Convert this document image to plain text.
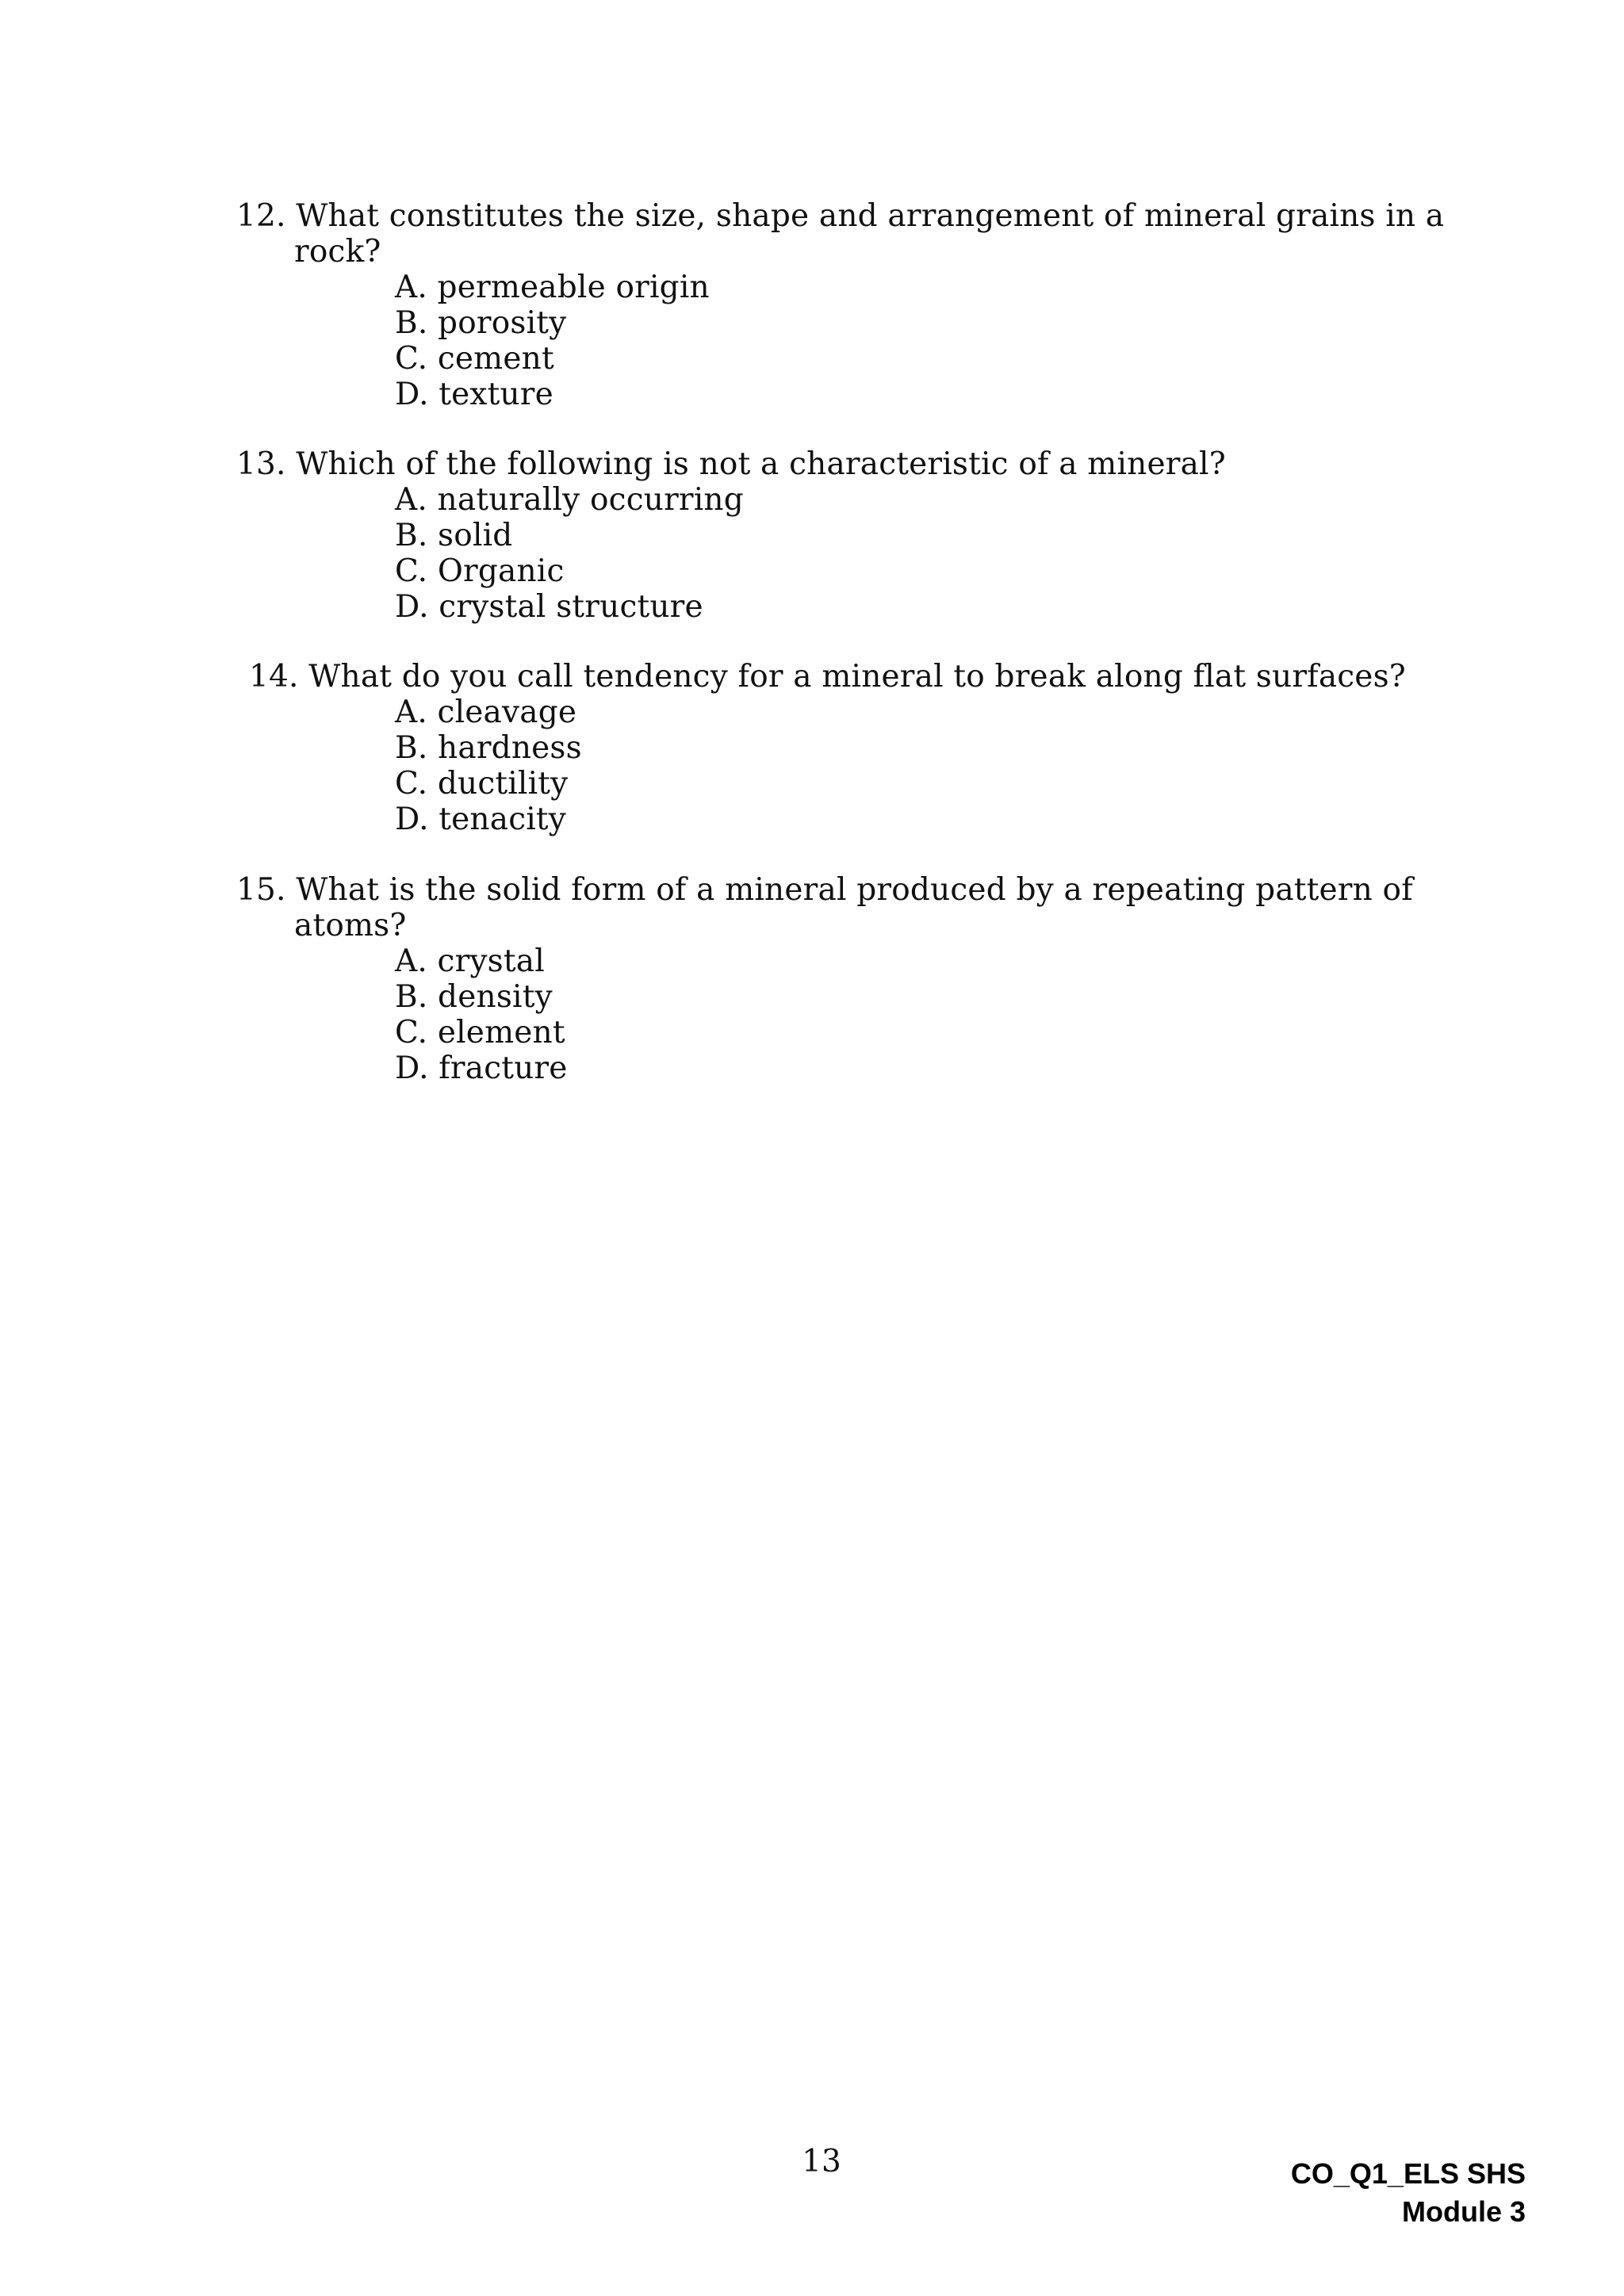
12. What constitutes the size, shape and arrangement of mineral grains in a
rock?
A. permeable origin
B. porosity
C. cement
D. texture
13. Which of the following is not a characteristic of a mineral?
A. naturally occurring
B. solid
C. Organic
D. crystal structure
14. What do you call tendency for a mineral to break along flat surfaces?
A. cleavage
B. hardness
C. ductility
D. tenacity
15. What is the solid form of a mineral produced by a repeating pattern of
atoms?
A. crystal
B. density
C. element
D. fracture
13	CO_Q1_ELS SHS
Module 3
